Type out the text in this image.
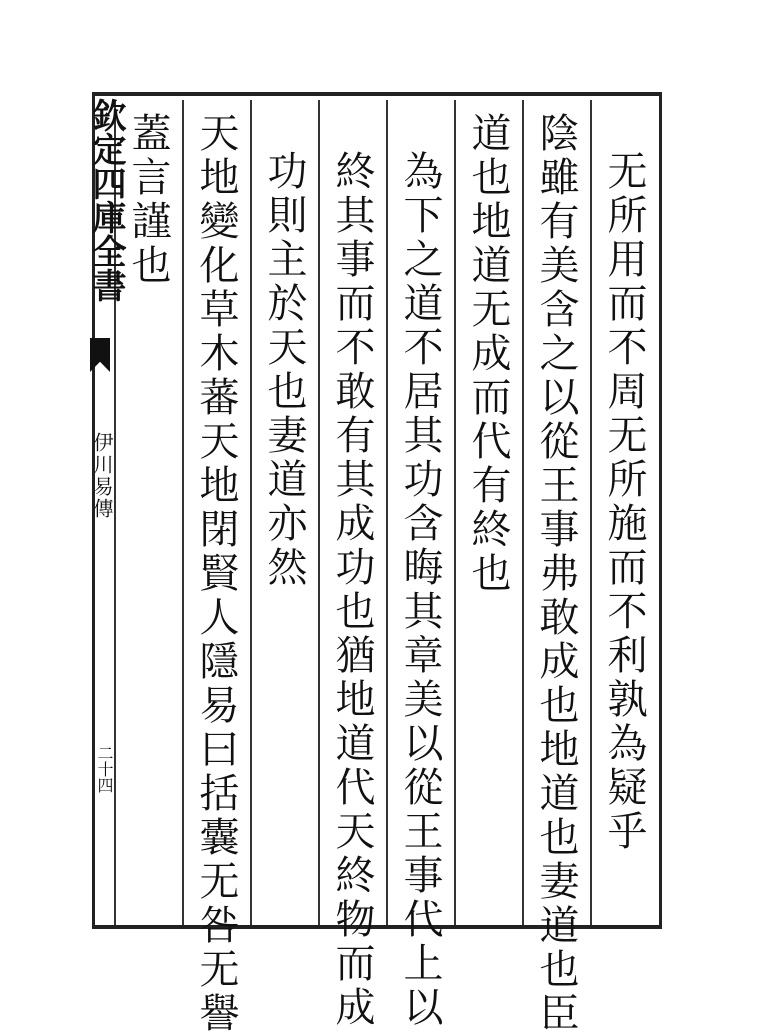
欽定四庫全書
伊川易傳
二十四	无所用而不周无所施而不利孰為疑乎
陰雖有美含之以從王事弗敢成也地道也妻道也臣
道也地道无成而代有終也
為下之道不居其功含晦其章美以從王事代上以
終其事而不敢有其成功也猶地道代天終物而成
功則主於天也妻道亦然
天地變化草木蕃天地閉賢人隱易曰括囊无咎无譽
蓋言謹也
